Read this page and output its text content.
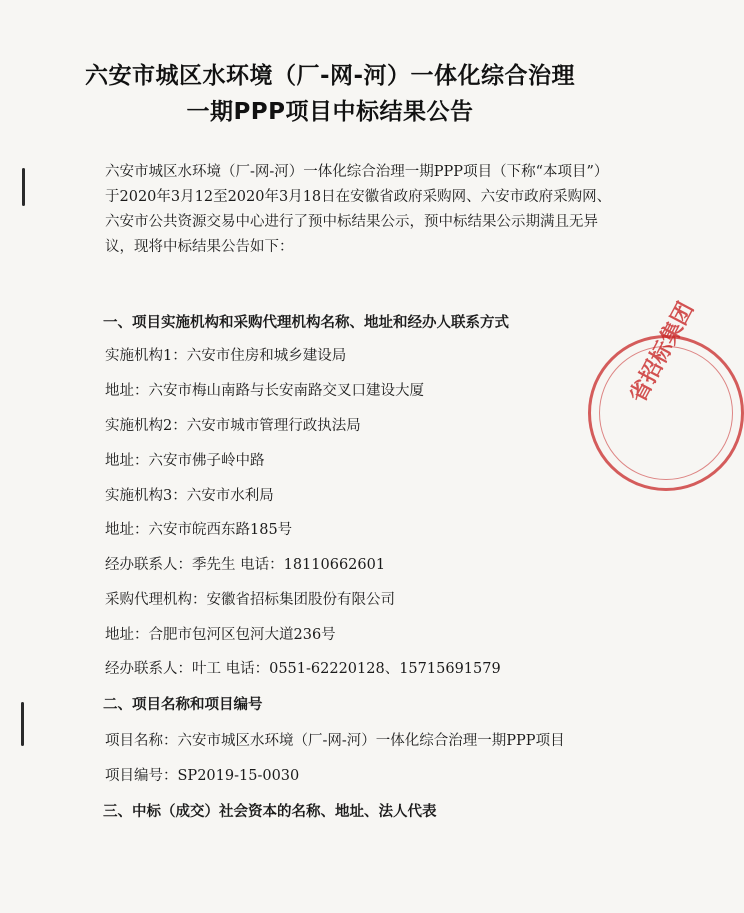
六安市城区水环境（厂-网-河）一体化综合治理
一期PPP项目中标结果公告
六安市城区水环境（厂-网-河）一体化综合治理一期PPP项目（下称“本项目”）于2020年3月12至2020年3月18日在安徽省政府采购网、六安市政府采购网、六安市公共资源交易中心进行了预中标结果公示，预中标结果公示期满且无异议，现将中标结果公告如下：
一、项目实施机构和采购代理机构名称、地址和经办人联系方式
实施机构1：六安市住房和城乡建设局
地址：六安市梅山南路与长安南路交叉口建设大厦
实施机构2：六安市城市管理行政执法局
地址：六安市佛子岭中路
实施机构3：六安市水利局
地址：六安市皖西东路185号
经办联系人：季先生 电话：18110662601
采购代理机构：安徽省招标集团股份有限公司
地址：合肥市包河区包河大道236号
经办联系人：叶工 电话：0551-62220128、15715691579
二、项目名称和项目编号
项目名称：六安市城区水环境（厂-网-河）一体化综合治理一期PPP项目
项目编号：SP2019-15-0030
三、中标（成交）社会资本的名称、地址、法人代表
省招标集团
